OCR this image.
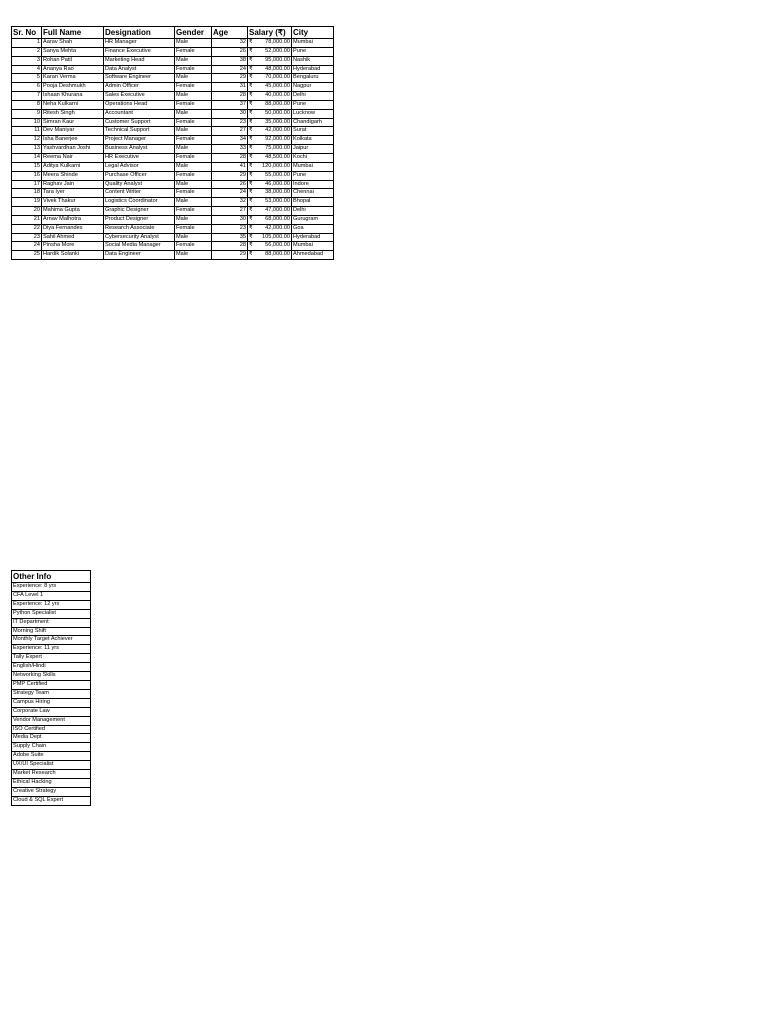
Sr. No	Full Name	Designation	Gender	Age	Salary (₹)	City
1	Aarav Shah	HR Manager	Male	32	₹ 78,000.00	Mumbai
2	Sanya Mehta	Finance Executive	Female	26	₹ 52,000.00	Pune
3	Rohan Patil	Marketing Head	Male	38	₹ 95,000.00	Nashik
4	Ananya Rao	Data Analyst	Female	24	₹ 48,000.00	Hyderabad
5	Karan Verma	Software Engineer	Male	29	₹ 70,000.00	Bengaluru
6	Pooja Deshmukh	Admin Officer	Female	31	₹ 45,000.00	Nagpur
7	Ishaan Khurana	Sales Executive	Male	28	₹ 40,000.00	Delhi
8	Neha Kulkarni	Operations Head	Female	37	₹ 88,000.00	Pune
9	Ritesh Singh	Accountant	Male	30	₹ 50,000.00	Lucknow
10	Simran Kaur	Customer Support	Female	23	₹ 35,000.00	Chandigarh
11	Dev Maniyar	Technical Support	Male	27	₹ 42,000.00	Surat
12	Isha Banerjee	Project Manager	Female	34	₹ 92,000.00	Kolkata
13	Yashvardhan Joshi	Business Analyst	Male	33	₹ 75,000.00	Jaipur
14	Reema Nair	HR Executive	Female	28	₹ 48,500.00	Kochi
15	Aditya Kulkarni	Legal Advisor	Male	41	₹ 120,000.00	Mumbai
16	Meera Shinde	Purchase Officer	Female	29	₹ 55,000.00	Pune
17	Raghav Jain	Quality Analyst	Male	26	₹ 46,000.00	Indore
18	Tara Iyer	Content Writer	Female	24	₹ 38,000.00	Chennai
19	Vivek Thakur	Logistics Coordinator	Male	32	₹ 53,000.00	Bhopal
20	Mahima Gupta	Graphic Designer	Female	27	₹ 47,000.00	Delhi
21	Arnav Malhotra	Product Designer	Male	30	₹ 68,000.00	Gurugram
22	Diya Fernandes	Research Associate	Female	23	₹ 42,000.00	Goa
23	Sahil Ahmed	Cybersecurity Analyst	Male	35	₹ 105,000.00	Hyderabad
24	Pinsha More	Social Media Manager	Female	28	₹ 56,000.00	Mumbai
25	Hardik Solanki	Data Engineer	Male	29	₹ 88,000.00	Ahmedabad
Other Info
Experience: 8 yrs
CFA Level 1
Experience: 12 yrs
Python Specialist
IT Department
Morning Shift
Monthly Target Achiever
Experience: 11 yrs
Tally Expert
English/Hindi
Networking Skills
PMP Certified
Strategy Team
Campus Hiring
Corporate Law
Vendor Management
ISO Certified
Media Dept
Supply Chain
Adobe Suite
UX/UI Specialist
Market Research
Ethical Hacking
Creative Strategy
Cloud & SQL Expert
